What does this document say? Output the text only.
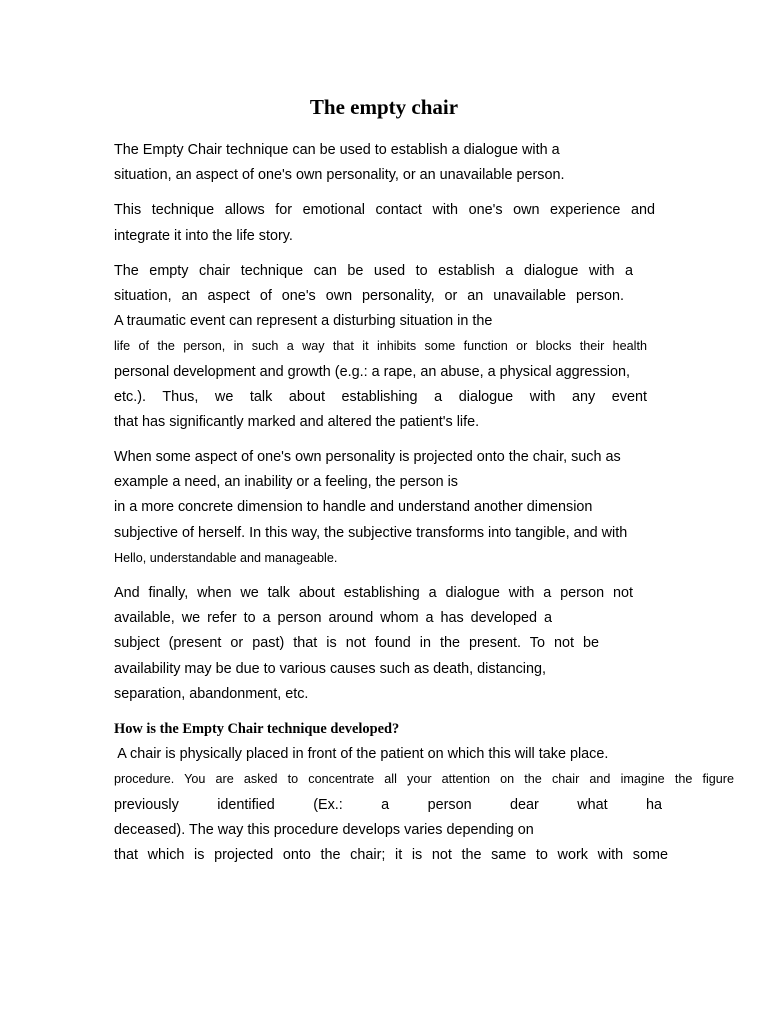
The empty chair
The Empty Chair technique can be used to establish a dialogue with a
situation, an aspect of one's own personality, or an unavailable person.
This technique allows for emotional contact with one's own experience and
integrate it into the life story.
The empty chair technique can be used to establish a dialogue with a
situation, an aspect of one's own personality, or an unavailable person.
A traumatic event can represent a disturbing situation in the
life of the person, in such a way that it inhibits some function or blocks their health
personal development and growth (e.g.: a rape, an abuse, a physical aggression,
etc.). Thus, we talk about establishing a dialogue with any event
that has significantly marked and altered the patient's life.
When some aspect of one's own personality is projected onto the chair, such as
example a need, an inability or a feeling, the person is
in a more concrete dimension to handle and understand another dimension
subjective of herself. In this way, the subjective transforms into tangible, and with
Hello, understandable and manageable.
And finally, when we talk about establishing a dialogue with a person not
available, we refer to a person around whom a has developed a
subject (present or past) that is not found in the present. To not be
availability may be due to various causes such as death, distancing,
separation, abandonment, etc.
How is the Empty Chair technique developed?
A chair is physically placed in front of the patient on which this will take place.
procedure. You are asked to concentrate all your attention on the chair and imagine the figure
previously identified (Ex.: a person dear what ha
deceased). The way this procedure develops varies depending on
that which is projected onto the chair; it is not the same to work with some
